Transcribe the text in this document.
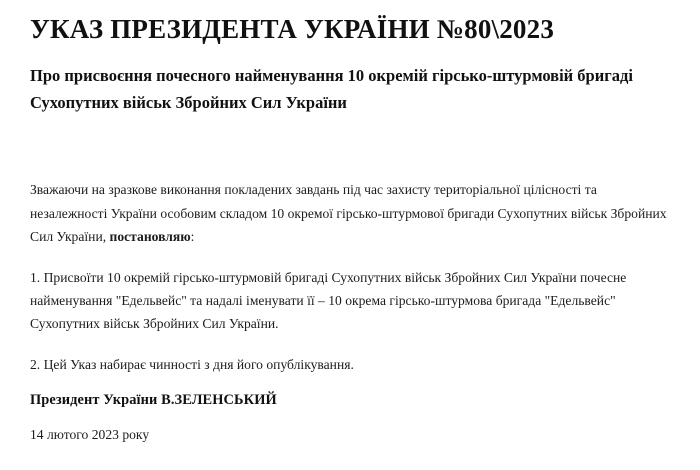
УКАЗ ПРЕЗИДЕНТА УКРАЇНИ №80\2023
Про присвоєння почесного найменування 10 окремій гірсько-штурмовій бригаді Сухопутних військ Збройних Сил України

Зважаючи на зразкове виконання покладених завдань під час захисту територіальної цілісності та незалежності України особовим складом 10 окремої гірсько-штурмової бригади Сухопутних військ Збройних Сил України, постановляю:

1. Присвоїти 10 окремій гірсько-штурмовій бригаді Сухопутних військ Збройних Сил України почесне найменування "Едельвейс" та надалі іменувати її – 10 окрема гірсько-штурмова бригада "Едельвейс" Сухопутних військ Збройних Сил України.

2. Цей Указ набирає чинності з дня його опублікування.

Президент України В.ЗЕЛЕНСЬКИЙ

14 лютого 2023 року
